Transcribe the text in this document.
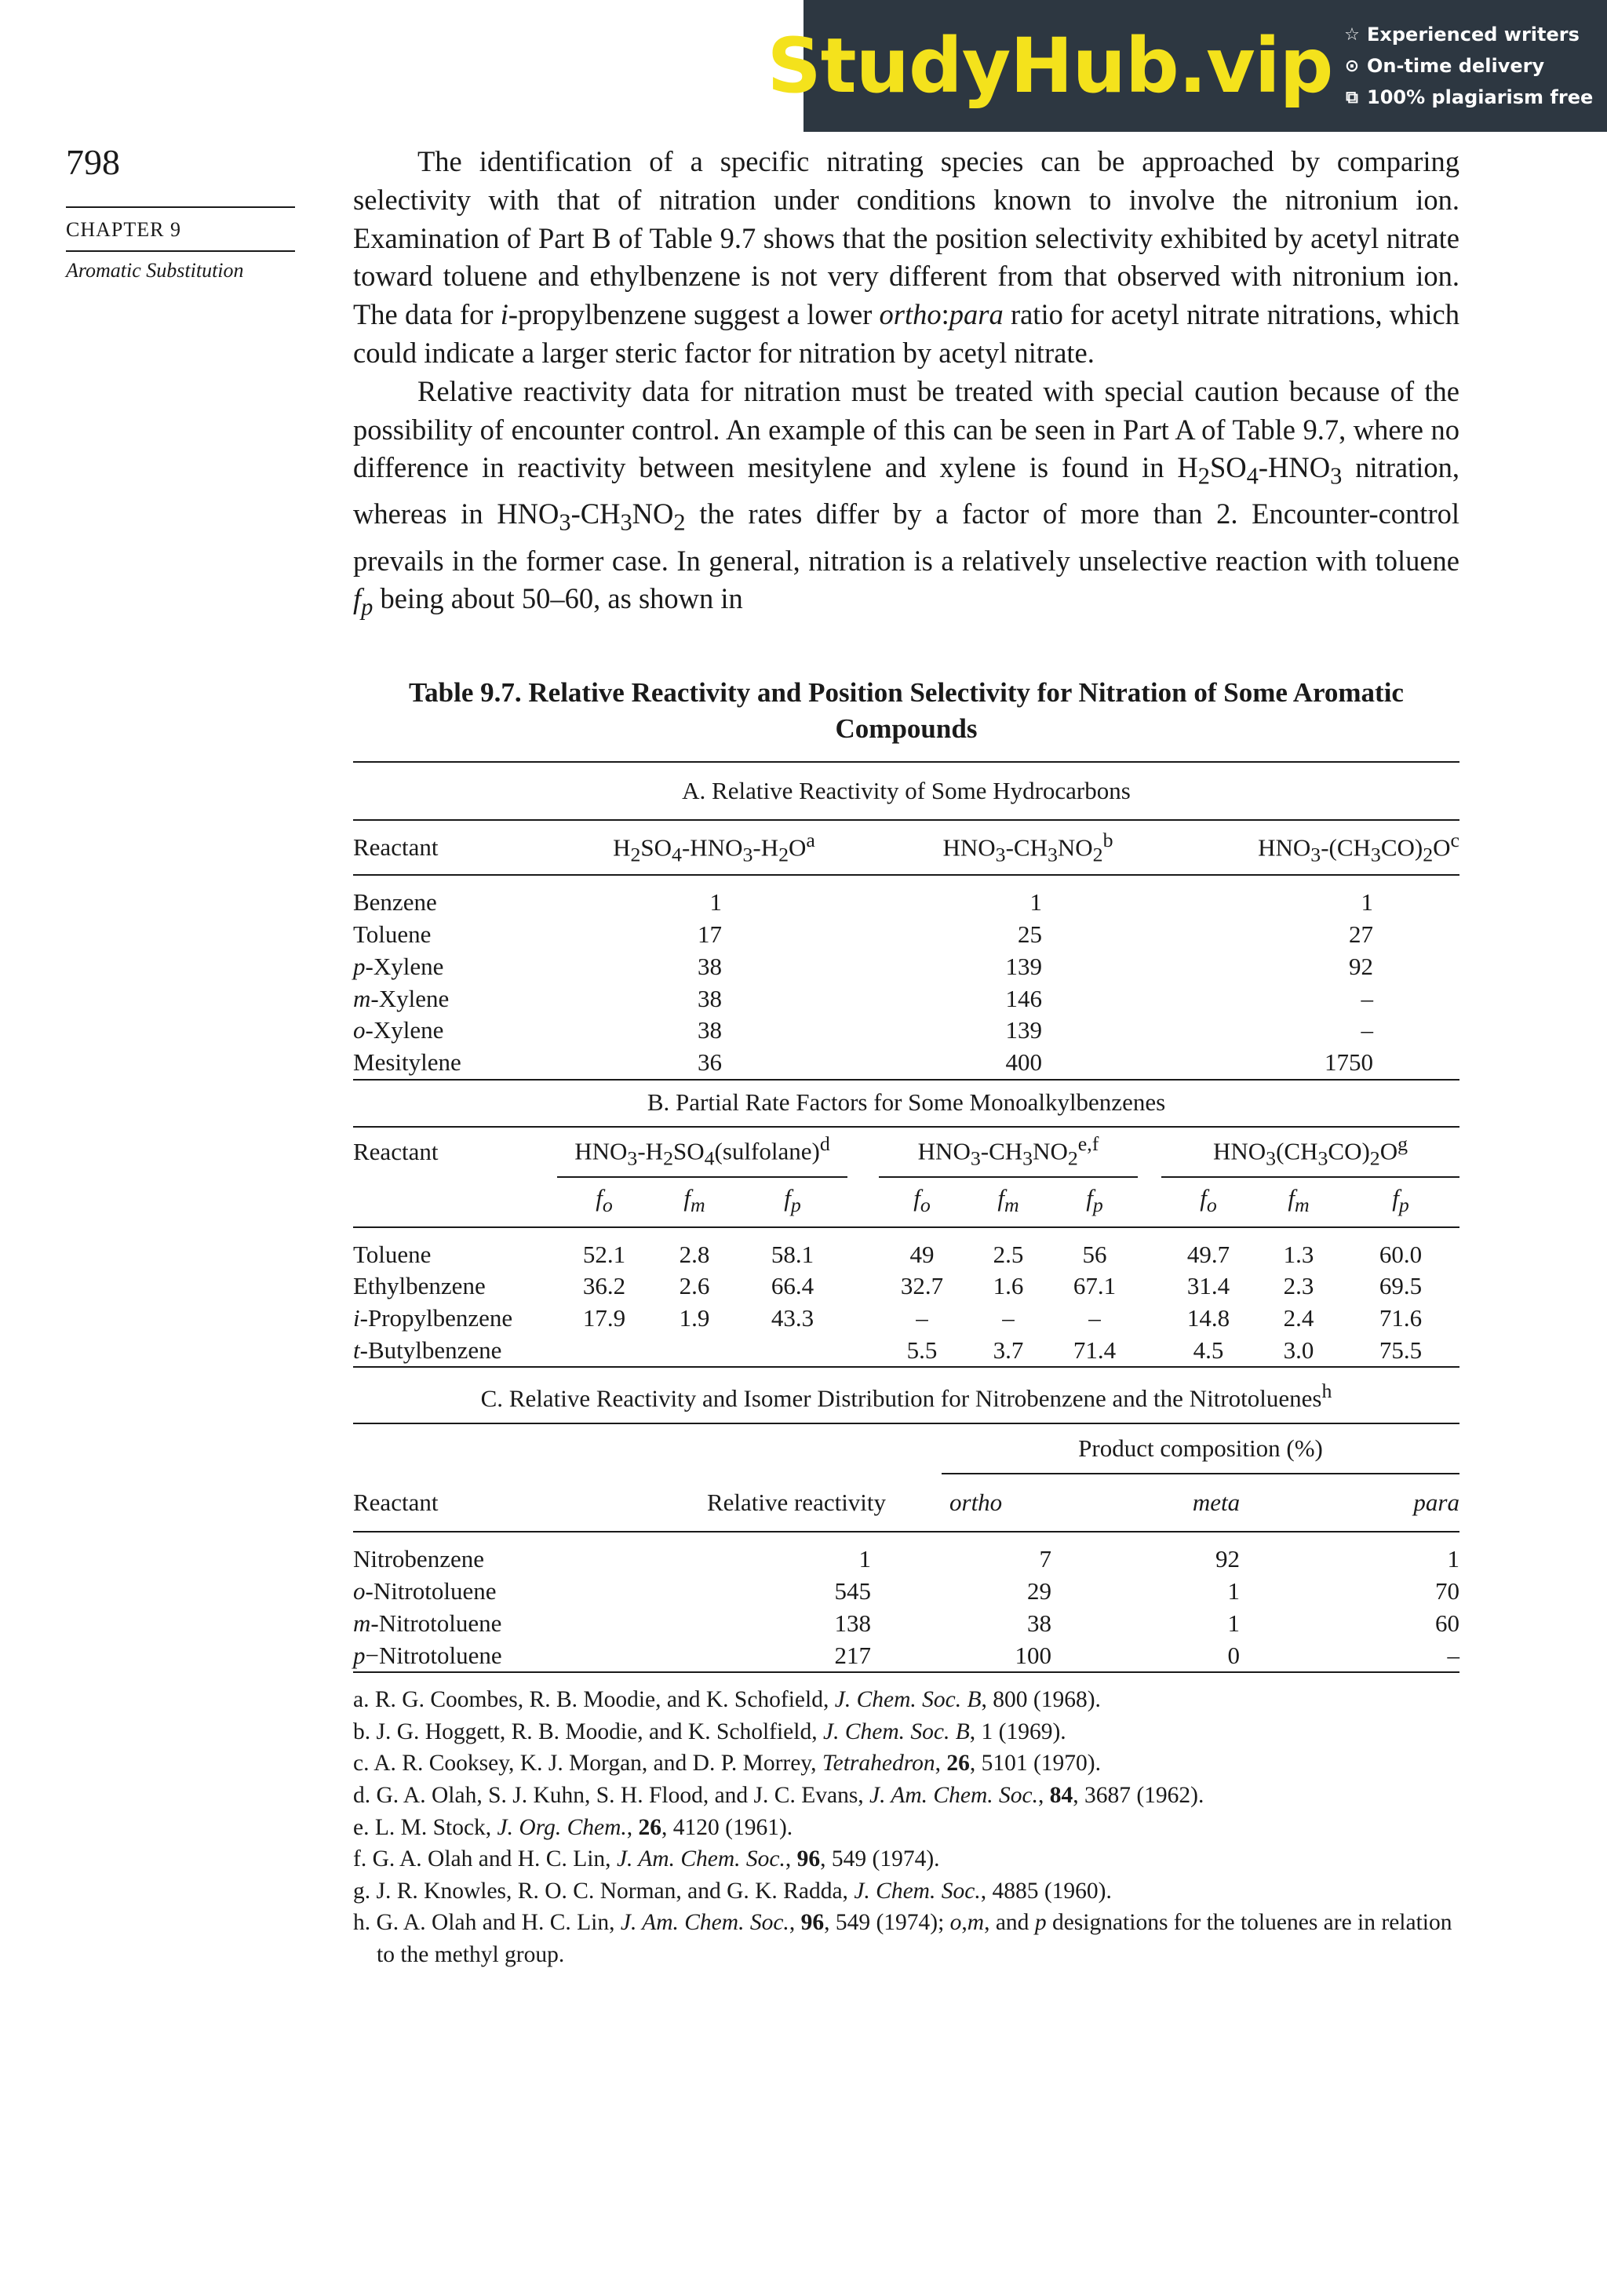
StudyHub.vip ☆ Experienced writers
⊙ On-time delivery
⧉ 100% plagiarism free
798
CHAPTER 9
Aromatic Substitution

The identification of a specific nitrating species can be approached by comparing selectivity with that of nitration under conditions known to involve the nitronium ion. Examination of Part B of Table 9.7 shows that the position selectivity exhibited by acetyl nitrate toward toluene and ethylbenzene is not very different from that observed with nitronium ion. The data for i-propylbenzene suggest a lower ortho:para ratio for acetyl nitrate nitrations, which could indicate a larger steric factor for nitration by acetyl nitrate.

Relative reactivity data for nitration must be treated with special caution because of the possibility of encounter control. An example of this can be seen in Part A of Table 9.7, where no difference in reactivity between mesitylene and xylene is found in $H_2SO_4-HNO_3$ nitration, whereas in $HNO_3-CH_3NO_2$ the rates differ by a factor of more than 2. Encounter-control prevails in the former case. In general, nitration is a relatively unselective reaction with toluene $f_p$ being about 50–60, as shown in

Table 9.7. Relative Reactivity and Position Selectivity for Nitration of Some Aromatic Compounds
A. Relative Reactivity of Some Hydrocarbons			
Reactant	$H_2SO_4-HNO_3-H_2O^a$	$HNO_3-CH_3NO_2^b$	$HNO_3-(CH_3CO)_2O^c$

Benzene	1	1	1
Toluene	17	25	27
p-Xylene	38	139	92
m-Xylene	38	146	–
o-Xylene	38	139	–
Mesitylene	36	400	1750
B. Partial Rate Factors for Some Monoalkylbenzenes											
Reactant	$HNO_3-H_2SO_4(sulfolane)^d$				$HNO_3-CH_3NO_2^{e,f}$				$HNO_3(CH_3CO)_2O^g$
	$f_o$	$f_m$	$f_p$		$f_o$	$f_m$	$f_p$		$f_o$	$f_m$	$f_p$

Toluene	52.1	2.8	58.1		49	2.5	56		49.7	1.3	60.0
Ethylbenzene	36.2	2.6	66.4		32.7	1.6	67.1		31.4	2.3	69.5
i-Propylbenzene	17.9	1.9	43.3		–	–	–		14.8	2.4	71.6
t-Butylbenzene					5.5	3.7	71.4		4.5	3.0	75.5
C. Relative Reactivity and Isomer Distribution for Nitrobenzene and the Nitrotoluenes$^h$
		Product composition (%)		
Reactant	Relative reactivity	ortho	meta	para

Nitrobenzene	1	7	92	1
o-Nitrotoluene	545	29	1	70
m-Nitrotoluene	138	38	1	60
p−Nitrotoluene	217	100	0	–
a. R. G. Coombes, R. B. Moodie, and K. Schofield, J. Chem. Soc. B, 800 (1968).
b. J. G. Hoggett, R. B. Moodie, and K. Scholfield, J. Chem. Soc. B, 1 (1969).
c. A. R. Cooksey, K. J. Morgan, and D. P. Morrey, Tetrahedron, 26, 5101 (1970).
d. G. A. Olah, S. J. Kuhn, S. H. Flood, and J. C. Evans, J. Am. Chem. Soc., 84, 3687 (1962).
e. L. M. Stock, J. Org. Chem., 26, 4120 (1961).
f. G. A. Olah and H. C. Lin, J. Am. Chem. Soc., 96, 549 (1974).
g. J. R. Knowles, R. O. C. Norman, and G. K. Radda, J. Chem. Soc., 4885 (1960).
h. G. A. Olah and H. C. Lin, J. Am. Chem. Soc., 96, 549 (1974); o,m, and p designations for the toluenes are in relation to the methyl group.
